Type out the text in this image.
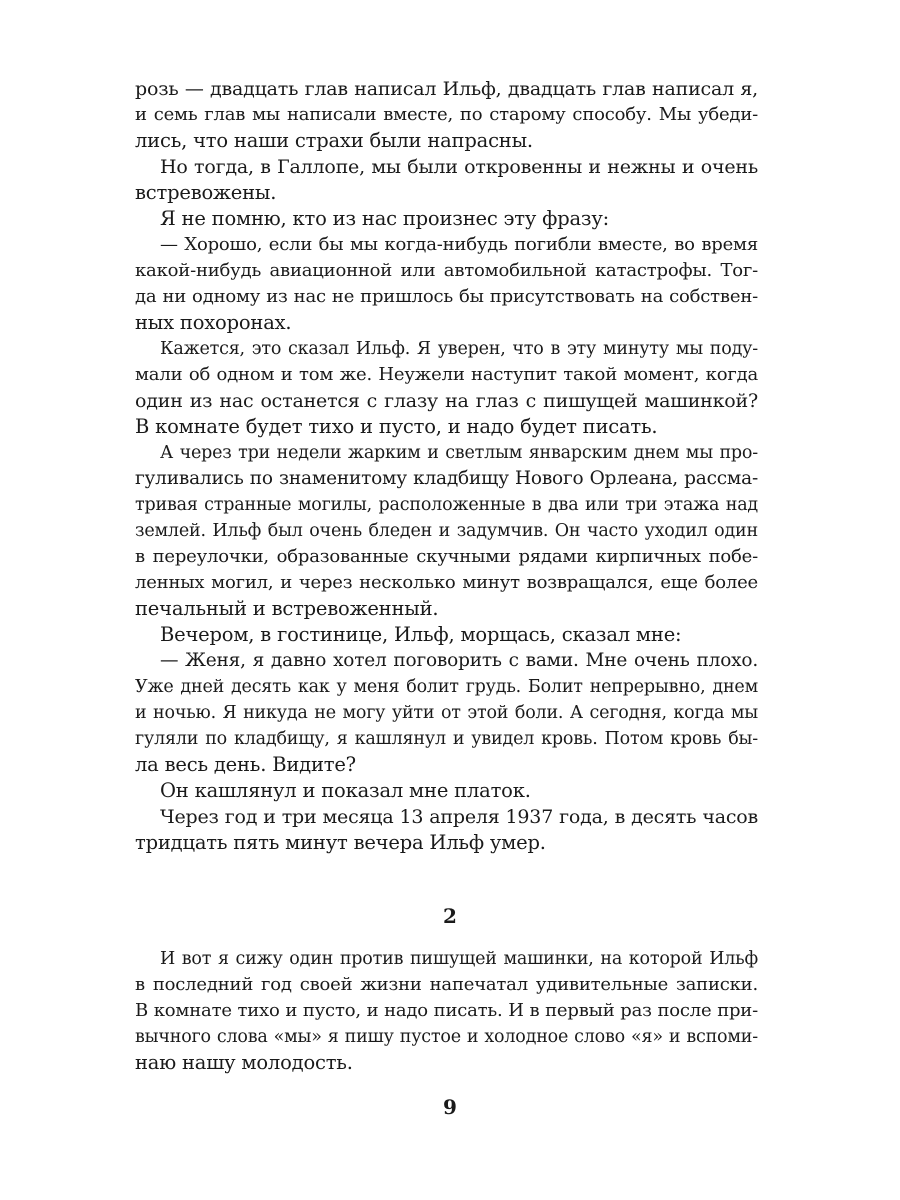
розь — двадцать глав написал Ильф, двадцать глав написал я,
и семь глав мы написали вместе, по старому способу. Мы убеди-
лись, что наши страхи были напрасны.
Но тогда, в Галлопе, мы были откровенны и нежны и очень
встревожены.
Я не помню, кто из нас произнес эту фразу:
— Хорошо, если бы мы когда-нибудь погибли вместе, во время
какой-нибудь авиационной или автомобильной катастрофы. Тог-
да ни одному из нас не пришлось бы присутствовать на собствен-
ных похоронах.
Кажется, это сказал Ильф. Я уверен, что в эту минуту мы поду-
мали об одном и том же. Неужели наступит такой момент, когда
один из нас останется с глазу на глаз с пишущей машинкой?
В комнате будет тихо и пусто, и надо будет писать.
А через три недели жарким и светлым январским днем мы про-
гуливались по знаменитому кладбищу Нового Орлеана, рассма-
тривая странные могилы, расположенные в два или три этажа над
землей. Ильф был очень бледен и задумчив. Он часто уходил один
в переулочки, образованные скучными рядами кирпичных побе-
ленных могил, и через несколько минут возвращался, еще более
печальный и встревоженный.
Вечером, в гостинице, Ильф, морщась, сказал мне:
— Женя, я давно хотел поговорить с вами. Мне очень плохо.
Уже дней десять как у меня болит грудь. Болит непрерывно, днем
и ночью. Я никуда не могу уйти от этой боли. А сегодня, когда мы
гуляли по кладбищу, я кашлянул и увидел кровь. Потом кровь бы-
ла весь день. Видите?
Он кашлянул и показал мне платок.
Через год и три месяца 13 апреля 1937 года, в десять часов
тридцать пять минут вечера Ильф умер.
2
И вот я сижу один против пишущей машинки, на которой Ильф
в последний год своей жизни напечатал удивительные записки.
В комнате тихо и пусто, и надо писать. И в первый раз после при-
вычного слова «мы» я пишу пустое и холодное слово «я» и вспоми-
наю нашу молодость.
9
